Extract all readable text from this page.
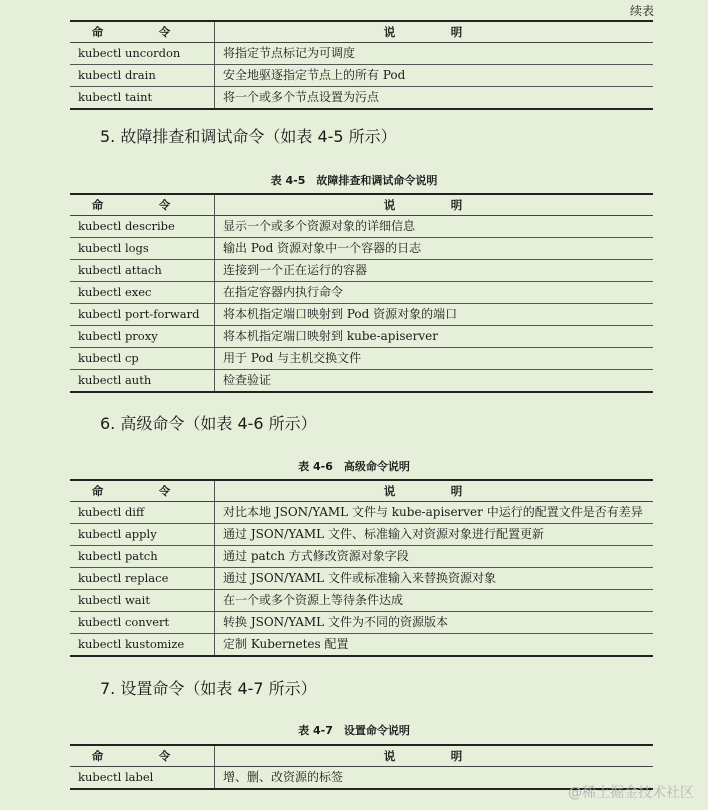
续表
命　令	说　明
kubectl uncordon	将指定节点标记为可调度
kubectl drain	安全地驱逐指定节点上的所有 Pod
kubectl taint	将一个或多个节点设置为污点
5. 故障排查和调试命令（如表 4-5 所示）
表 4-5　故障排查和调试命令说明
命　令	说　明
kubectl describe	显示一个或多个资源对象的详细信息
kubectl logs	输出 Pod 资源对象中一个容器的日志
kubectl attach	连接到一个正在运行的容器
kubectl exec	在指定容器内执行命令
kubectl port-forward	将本机指定端口映射到 Pod 资源对象的端口
kubectl proxy	将本机指定端口映射到 kube-apiserver
kubectl cp	用于 Pod 与主机交换文件
kubectl auth	检查验证
6. 高级命令（如表 4-6 所示）
表 4-6　高级命令说明
命　令	说　明
kubectl diff	对比本地 JSON/YAML 文件与 kube-apiserver 中运行的配置文件是否有差异
kubectl apply	通过 JSON/YAML 文件、标准输入对资源对象进行配置更新
kubectl patch	通过 patch 方式修改资源对象字段
kubectl replace	通过 JSON/YAML 文件或标准输入来替换资源对象
kubectl wait	在一个或多个资源上等待条件达成
kubectl convert	转换 JSON/YAML 文件为不同的资源版本
kubectl kustomize	定制 Kubernetes 配置
7. 设置命令（如表 4-7 所示）
表 4-7　设置命令说明
命　令	说　明
kubectl label	增、删、改资源的标签
@稀土掘金技术社区
